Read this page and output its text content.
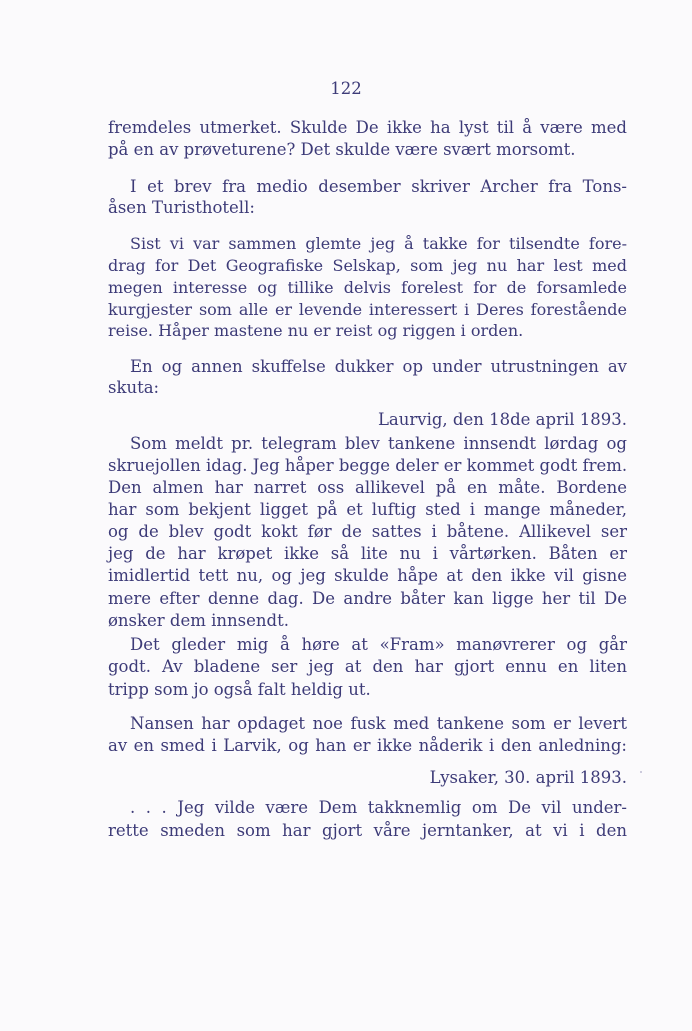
122
fremdeles utmerket. Skulde De ikke ha lyst til å være med
på en av prøveturene? Det skulde være svært morsomt.
I et brev fra medio desember skriver Archer fra Tons-
åsen Turisthotell:
Sist vi var sammen glemte jeg å takke for tilsendte fore-
drag for Det Geografiske Selskap, som jeg nu har lest med
megen interesse og tillike delvis forelest for de forsamlede
kurgjester som alle er levende interessert i Deres forestående
reise. Håper mastene nu er reist og riggen i orden.
En og annen skuffelse dukker op under utrustningen av
skuta:
Laurvig, den 18de april 1893.
Som meldt pr. telegram blev tankene innsendt lørdag og
skruejollen idag. Jeg håper begge deler er kommet godt frem.
Den almen har narret oss allikevel på en måte. Bordene
har som bekjent ligget på et luftig sted i mange måneder,
og de blev godt kokt før de sattes i båtene. Allikevel ser
jeg de har krøpet ikke så lite nu i vårtørken. Båten er
imidlertid tett nu, og jeg skulde håpe at den ikke vil gisne
mere efter denne dag. De andre båter kan ligge her til De
ønsker dem innsendt.
Det gleder mig å høre at «Fram» manøvrerer og går
godt. Av bladene ser jeg at den har gjort ennu en liten
tripp som jo også falt heldig ut.
Nansen har opdaget noe fusk med tankene som er levert
av en smed i Larvik, og han er ikke nåderik i den anledning:
Lysaker, 30. april 1893.
. . . Jeg vilde være Dem takknemlig om De vil under-
rette smeden som har gjort våre jerntanker, at vi i den
